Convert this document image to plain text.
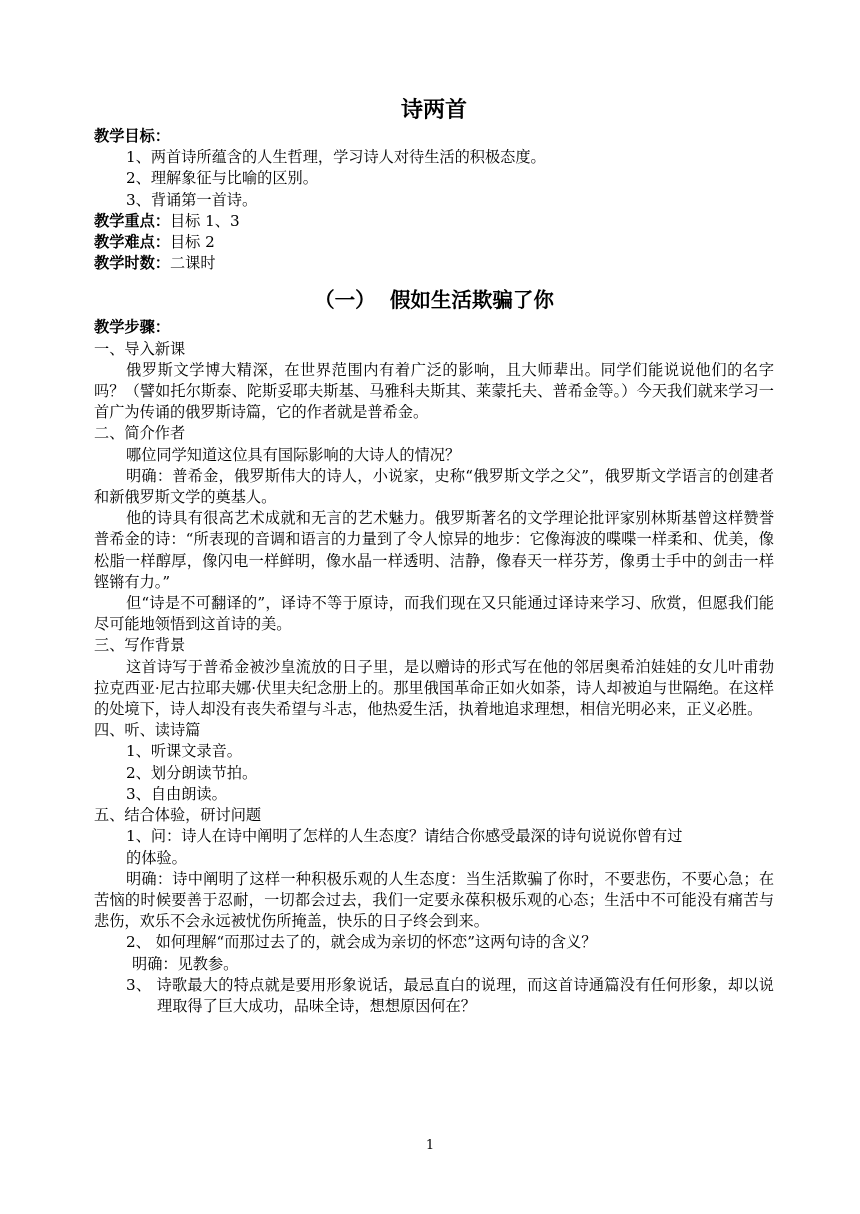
诗两首
教学目标：
1、两首诗所蕴含的人生哲理，学习诗人对待生活的积极态度。
2、理解象征与比喻的区别。
3、背诵第一首诗。
教学重点：目标 1、3
教学难点：目标 2
教学时数：二课时
（一）  假如生活欺骗了你
教学步骤：
一、导入新课
俄罗斯文学博大精深，在世界范围内有着广泛的影响，且大师辈出。同学们能说说他们的名字吗？（譬如托尔斯泰、陀斯妥耶夫斯基、马雅科夫斯其、莱蒙托夫、普希金等。）今天我们就来学习一首广为传诵的俄罗斯诗篇，它的作者就是普希金。
二、简介作者
哪位同学知道这位具有国际影响的大诗人的情况？
明确：普希金，俄罗斯伟大的诗人，小说家，史称“俄罗斯文学之父”，俄罗斯文学语言的创建者和新俄罗斯文学的奠基人。
他的诗具有很高艺术成就和无言的艺术魅力。俄罗斯著名的文学理论批评家别林斯基曾这样赞誉普希金的诗：“所表现的音调和语言的力量到了令人惊异的地步：它像海波的喋喋一样柔和、优美，像松脂一样醇厚，像闪电一样鲜明，像水晶一样透明、洁静，像春天一样芬芳，像勇士手中的剑击一样铿锵有力。”
但“诗是不可翻译的”，译诗不等于原诗，而我们现在又只能通过译诗来学习、欣赏，但愿我们能尽可能地领悟到这首诗的美。
三、写作背景
这首诗写于普希金被沙皇流放的日子里，是以赠诗的形式写在他的邻居奥希泊娃娃的女儿叶甫勃拉克西亚·尼古拉耶夫娜·伏里夫纪念册上的。那里俄国革命正如火如荼，诗人却被迫与世隔绝。在这样的处境下，诗人却没有丧失希望与斗志，他热爱生活，执着地追求理想，相信光明必来，正义必胜。
四、听、读诗篇
1、听课文录音。
2、划分朗读节拍。
3、自由朗读。
五、结合体验，研讨问题
1、问：诗人在诗中阐明了怎样的人生态度？请结合你感受最深的诗句说说你曾有过
的体验。
明确：诗中阐明了这样一种积极乐观的人生态度：当生活欺骗了你时，不要悲伤，不要心急；在苦恼的时候要善于忍耐，一切都会过去，我们一定要永葆积极乐观的心态；生活中不可能没有痛苦与悲伤，欢乐不会永远被忧伤所掩盖，快乐的日子终会到来。
2、 如何理解“而那过去了的，就会成为亲切的怀恋”这两句诗的含义？
明确：见教参。
3、 诗歌最大的特点就是要用形象说话，最忌直白的说理，而这首诗通篇没有任何形象，却以说理取得了巨大成功，品味全诗，想想原因何在？
1
